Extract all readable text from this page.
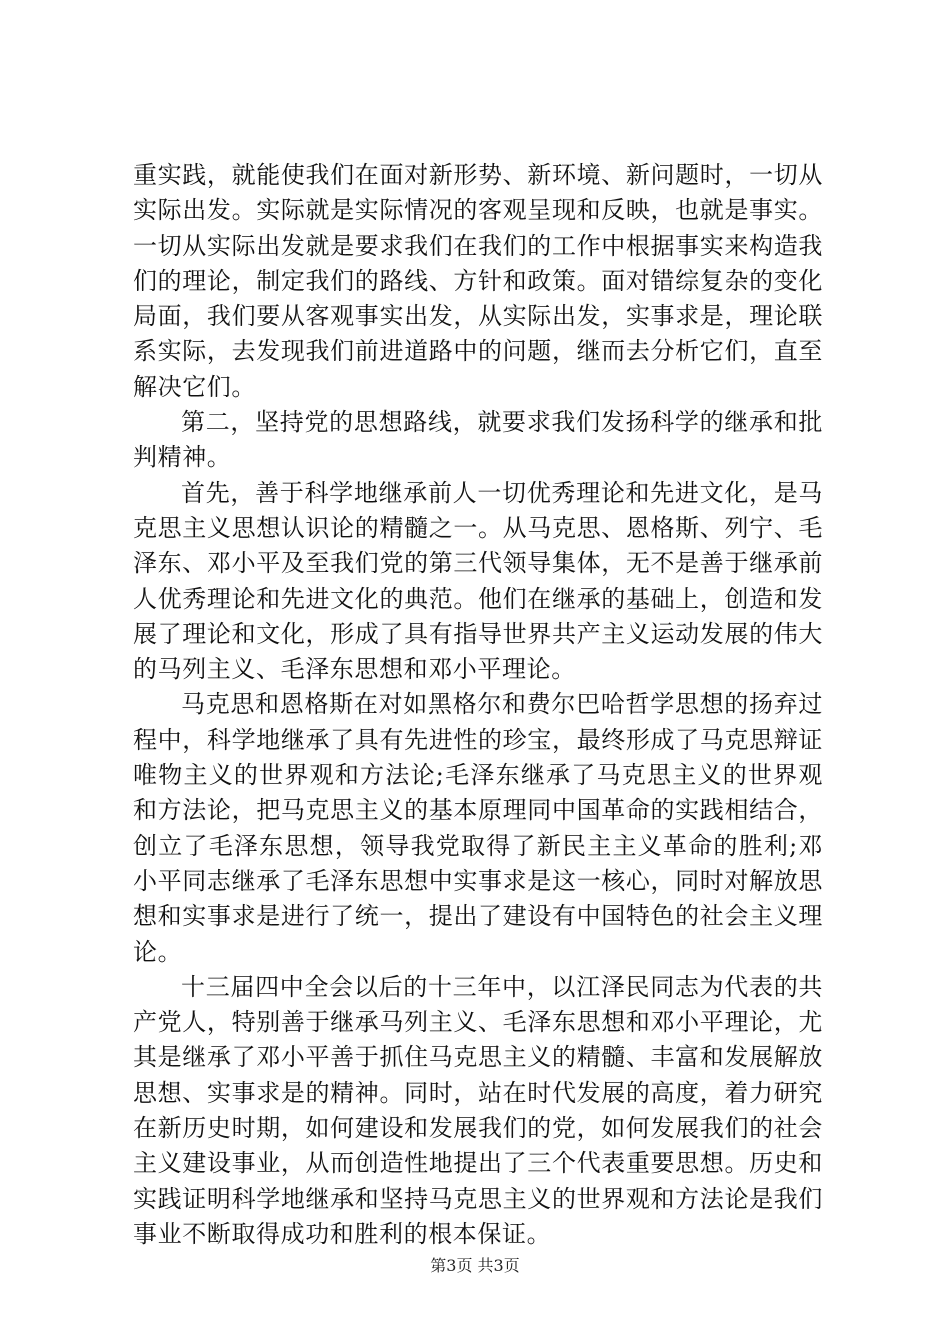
重实践，就能使我们在面对新形势、新环境、新问题时，一切从实际出发。实际就是实际情况的客观呈现和反映，也就是事实。一切从实际出发就是要求我们在我们的工作中根据事实来构造我们的理论，制定我们的路线、方针和政策。面对错综复杂的变化局面，我们要从客观事实出发，从实际出发，实事求是，理论联系实际，去发现我们前进道路中的问题，继而去分析它们，直至解决它们。

第二，坚持党的思想路线，就要求我们发扬科学的继承和批判精神。

首先，善于科学地继承前人一切优秀理论和先进文化，是马克思主义思想认识论的精髓之一。从马克思、恩格斯、列宁、毛泽东、邓小平及至我们党的第三代领导集体，无不是善于继承前人优秀理论和先进文化的典范。他们在继承的基础上，创造和发展了理论和文化，形成了具有指导世界共产主义运动发展的伟大的马列主义、毛泽东思想和邓小平理论。

马克思和恩格斯在对如黑格尔和费尔巴哈哲学思想的扬弃过程中，科学地继承了具有先进性的珍宝，最终形成了马克思辩证唯物主义的世界观和方法论;毛泽东继承了马克思主义的世界观和方法论，把马克思主义的基本原理同中国革命的实践相结合，创立了毛泽东思想，领导我党取得了新民主主义革命的胜利;邓小平同志继承了毛泽东思想中实事求是这一核心，同时对解放思想和实事求是进行了统一，提出了建设有中国特色的社会主义理论。

十三届四中全会以后的十三年中，以江泽民同志为代表的共产党人，特别善于继承马列主义、毛泽东思想和邓小平理论，尤其是继承了邓小平善于抓住马克思主义的精髓、丰富和发展解放思想、实事求是的精神。同时，站在时代发展的高度，着力研究在新历史时期，如何建设和发展我们的党，如何发展我们的社会主义建设事业，从而创造性地提出了三个代表重要思想。历史和实践证明科学地继承和坚持马克思主义的世界观和方法论是我们事业不断取得成功和胜利的根本保证。

第3页 共3页
